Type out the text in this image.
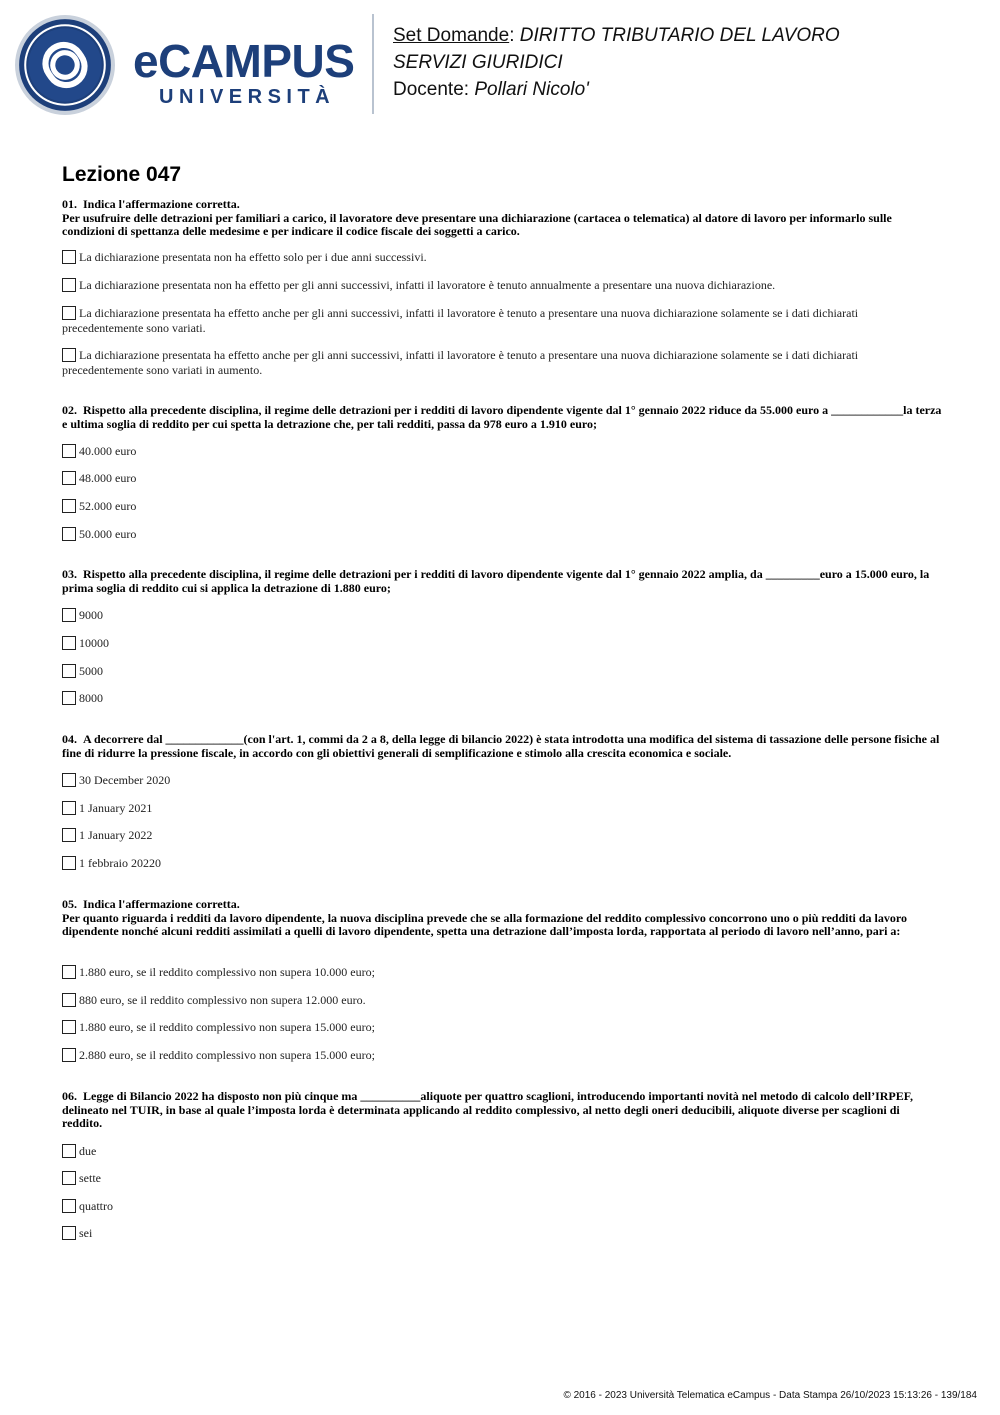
eCAMPUS
UNIVERSITÀ
Set Domande: DIRITTO TRIBUTARIO DEL LAVORO
SERVIZI GIURIDICI
Docente: Pollari Nicolo'
Lezione 047
01. Indica l'affermazione corretta.
Per usufruire delle detrazioni per familiari a carico, il lavoratore deve presentare una dichiarazione (cartacea o telematica) al datore di lavoro per informarlo sulle condizioni di spettanza delle medesime e per indicare il codice fiscale dei soggetti a carico.
La dichiarazione presentata non ha effetto solo per i due anni successivi.
La dichiarazione presentata non ha effetto per gli anni successivi, infatti il lavoratore è tenuto annualmente a presentare una nuova dichiarazione.
La dichiarazione presentata ha effetto anche per gli anni successivi, infatti il lavoratore è tenuto a presentare una nuova dichiarazione solamente se i dati dichiarati precedentemente sono variati.
La dichiarazione presentata ha effetto anche per gli anni successivi, infatti il lavoratore è tenuto a presentare una nuova dichiarazione solamente se i dati dichiarati precedentemente sono variati in aumento.
02. Rispetto alla precedente disciplina, il regime delle detrazioni per i redditi di lavoro dipendente vigente dal 1° gennaio 2022 riduce da 55.000 euro a ____________la terza e ultima soglia di reddito per cui spetta la detrazione che, per tali redditi, passa da 978 euro a 1.910 euro;
40.000 euro
48.000 euro
52.000 euro
50.000 euro
03. Rispetto alla precedente disciplina, il regime delle detrazioni per i redditi di lavoro dipendente vigente dal 1° gennaio 2022 amplia, da _________euro a 15.000 euro, la prima soglia di reddito cui si applica la detrazione di 1.880 euro;
9000
10000
5000
8000
04. A decorrere dal _____________(con l'art. 1, commi da 2 a 8, della legge di bilancio 2022) è stata introdotta una modifica del sistema di tassazione delle persone fisiche al fine di ridurre la pressione fiscale, in accordo con gli obiettivi generali di semplificazione e stimolo alla crescita economica e sociale.
30 December 2020
1 January 2021
1 January 2022
1 febbraio 20220
05. Indica l'affermazione corretta.
Per quanto riguarda i redditi da lavoro dipendente, la nuova disciplina prevede che se alla formazione del reddito complessivo concorrono uno o più redditi da lavoro dipendente nonché alcuni redditi assimilati a quelli di lavoro dipendente, spetta una detrazione dall’imposta lorda, rapportata al periodo di lavoro nell’anno, pari a:
1.880 euro, se il reddito complessivo non supera 10.000 euro;
880 euro, se il reddito complessivo non supera 12.000 euro.
1.880 euro, se il reddito complessivo non supera 15.000 euro;
2.880 euro, se il reddito complessivo non supera 15.000 euro;
06. Legge di Bilancio 2022 ha disposto non più cinque ma __________aliquote per quattro scaglioni, introducendo importanti novità nel metodo di calcolo dell’IRPEF, delineato nel TUIR, in base al quale l’imposta lorda è determinata applicando al reddito complessivo, al netto degli oneri deducibili, aliquote diverse per scaglioni di reddito.
due
sette
quattro
sei
© 2016 - 2023 Università Telematica eCampus - Data Stampa 26/10/2023 15:13:26 - 139/184
